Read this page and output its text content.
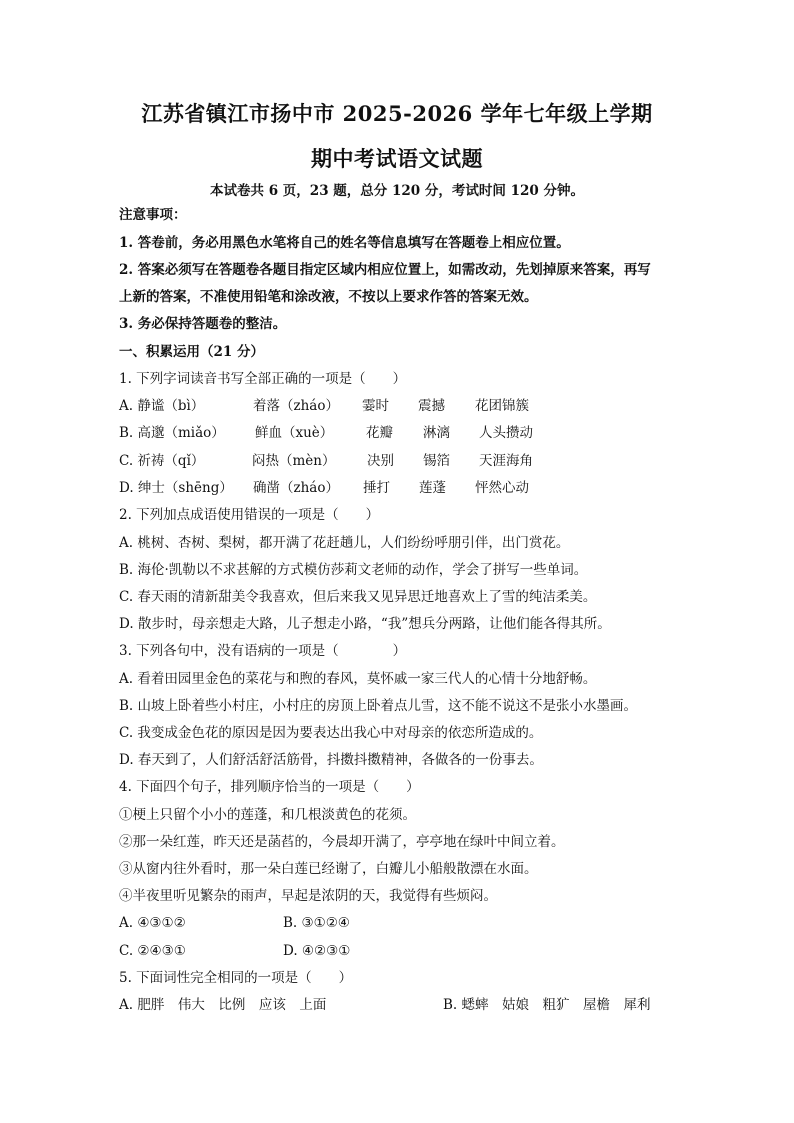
江苏省镇江市扬中市 2025-2026 学年七年级上学期
期中考试语文试题
本试卷共 6 页，23 题，总分 120 分，考试时间 120 分钟。
注意事项：
1. 答卷前，务必用黑色水笔将自己的姓名等信息填写在答题卷上相应位置。
2. 答案必须写在答题卷各题目指定区域内相应位置上，如需改动，先划掉原来答案，再写
上新的答案，不准使用铅笔和涂改液，不按以上要求作答的答案无效。
3. 务必保持答题卷的整洁。
一、积累运用（21 分）
1. 下列字词读音书写全部正确的一项是（　　）
A. 静谧（bì）	着落（zháo） 霎时 震撼 花团锦簇
B. 高邈（miǎo） 鲜血（xuè） 花瓣 淋漓 人头攒动
C. 祈祷（qǐ）	闷热（mèn） 决别 锡箔 天涯海角
D. 绅士（shēng） 确凿（zháo） 捶打 莲蓬 怦然心动
2. 下列加点成语使用错误的一项是（　　）
A. 桃树、杏树、梨树，都开满了花赶趟儿，人们纷纷呼朋引伴，出门赏花。
B. 海伦·凯勒以不求甚解的方式模仿莎莉文老师的动作，学会了拼写一些单词。
C. 春天雨的清新甜美令我喜欢，但后来我又见异思迁地喜欢上了雪的纯洁柔美。
D. 散步时，母亲想走大路，儿子想走小路，“我”想兵分两路，让他们能各得其所。
3. 下列各句中，没有语病的一项是（　　　　）
A. 看着田园里金色的菜花与和煦的春风，莫怀戚一家三代人的心情十分地舒畅。
B. 山坡上卧着些小村庄，小村庄的房顶上卧着点儿雪，这不能不说这不是张小水墨画。
C. 我变成金色花的原因是因为要表达出我心中对母亲的依恋所造成的。
D. 春天到了，人们舒活舒活筋骨，抖擞抖擞精神，各做各的一份事去。
4. 下面四个句子，排列顺序恰当的一项是（　　）
①梗上只留个小小的莲蓬，和几根淡黄色的花须。
②那一朵红莲，昨天还是菡萏的，今晨却开满了，亭亭地在绿叶中间立着。
③从窗内往外看时，那一朵白莲已经谢了，白瓣儿小船般散漂在水面。
④半夜里听见繁杂的雨声，早起是浓阴的天，我觉得有些烦闷。
A. ④③①②	B. ③①②④
C. ②④③①	D. ④②③①
5. 下面词性完全相同的一项是（　　）
A. 肥胖　伟大　比例　应该　上面	B. 蟋蟀　姑娘　粗犷　屋檐　犀利
